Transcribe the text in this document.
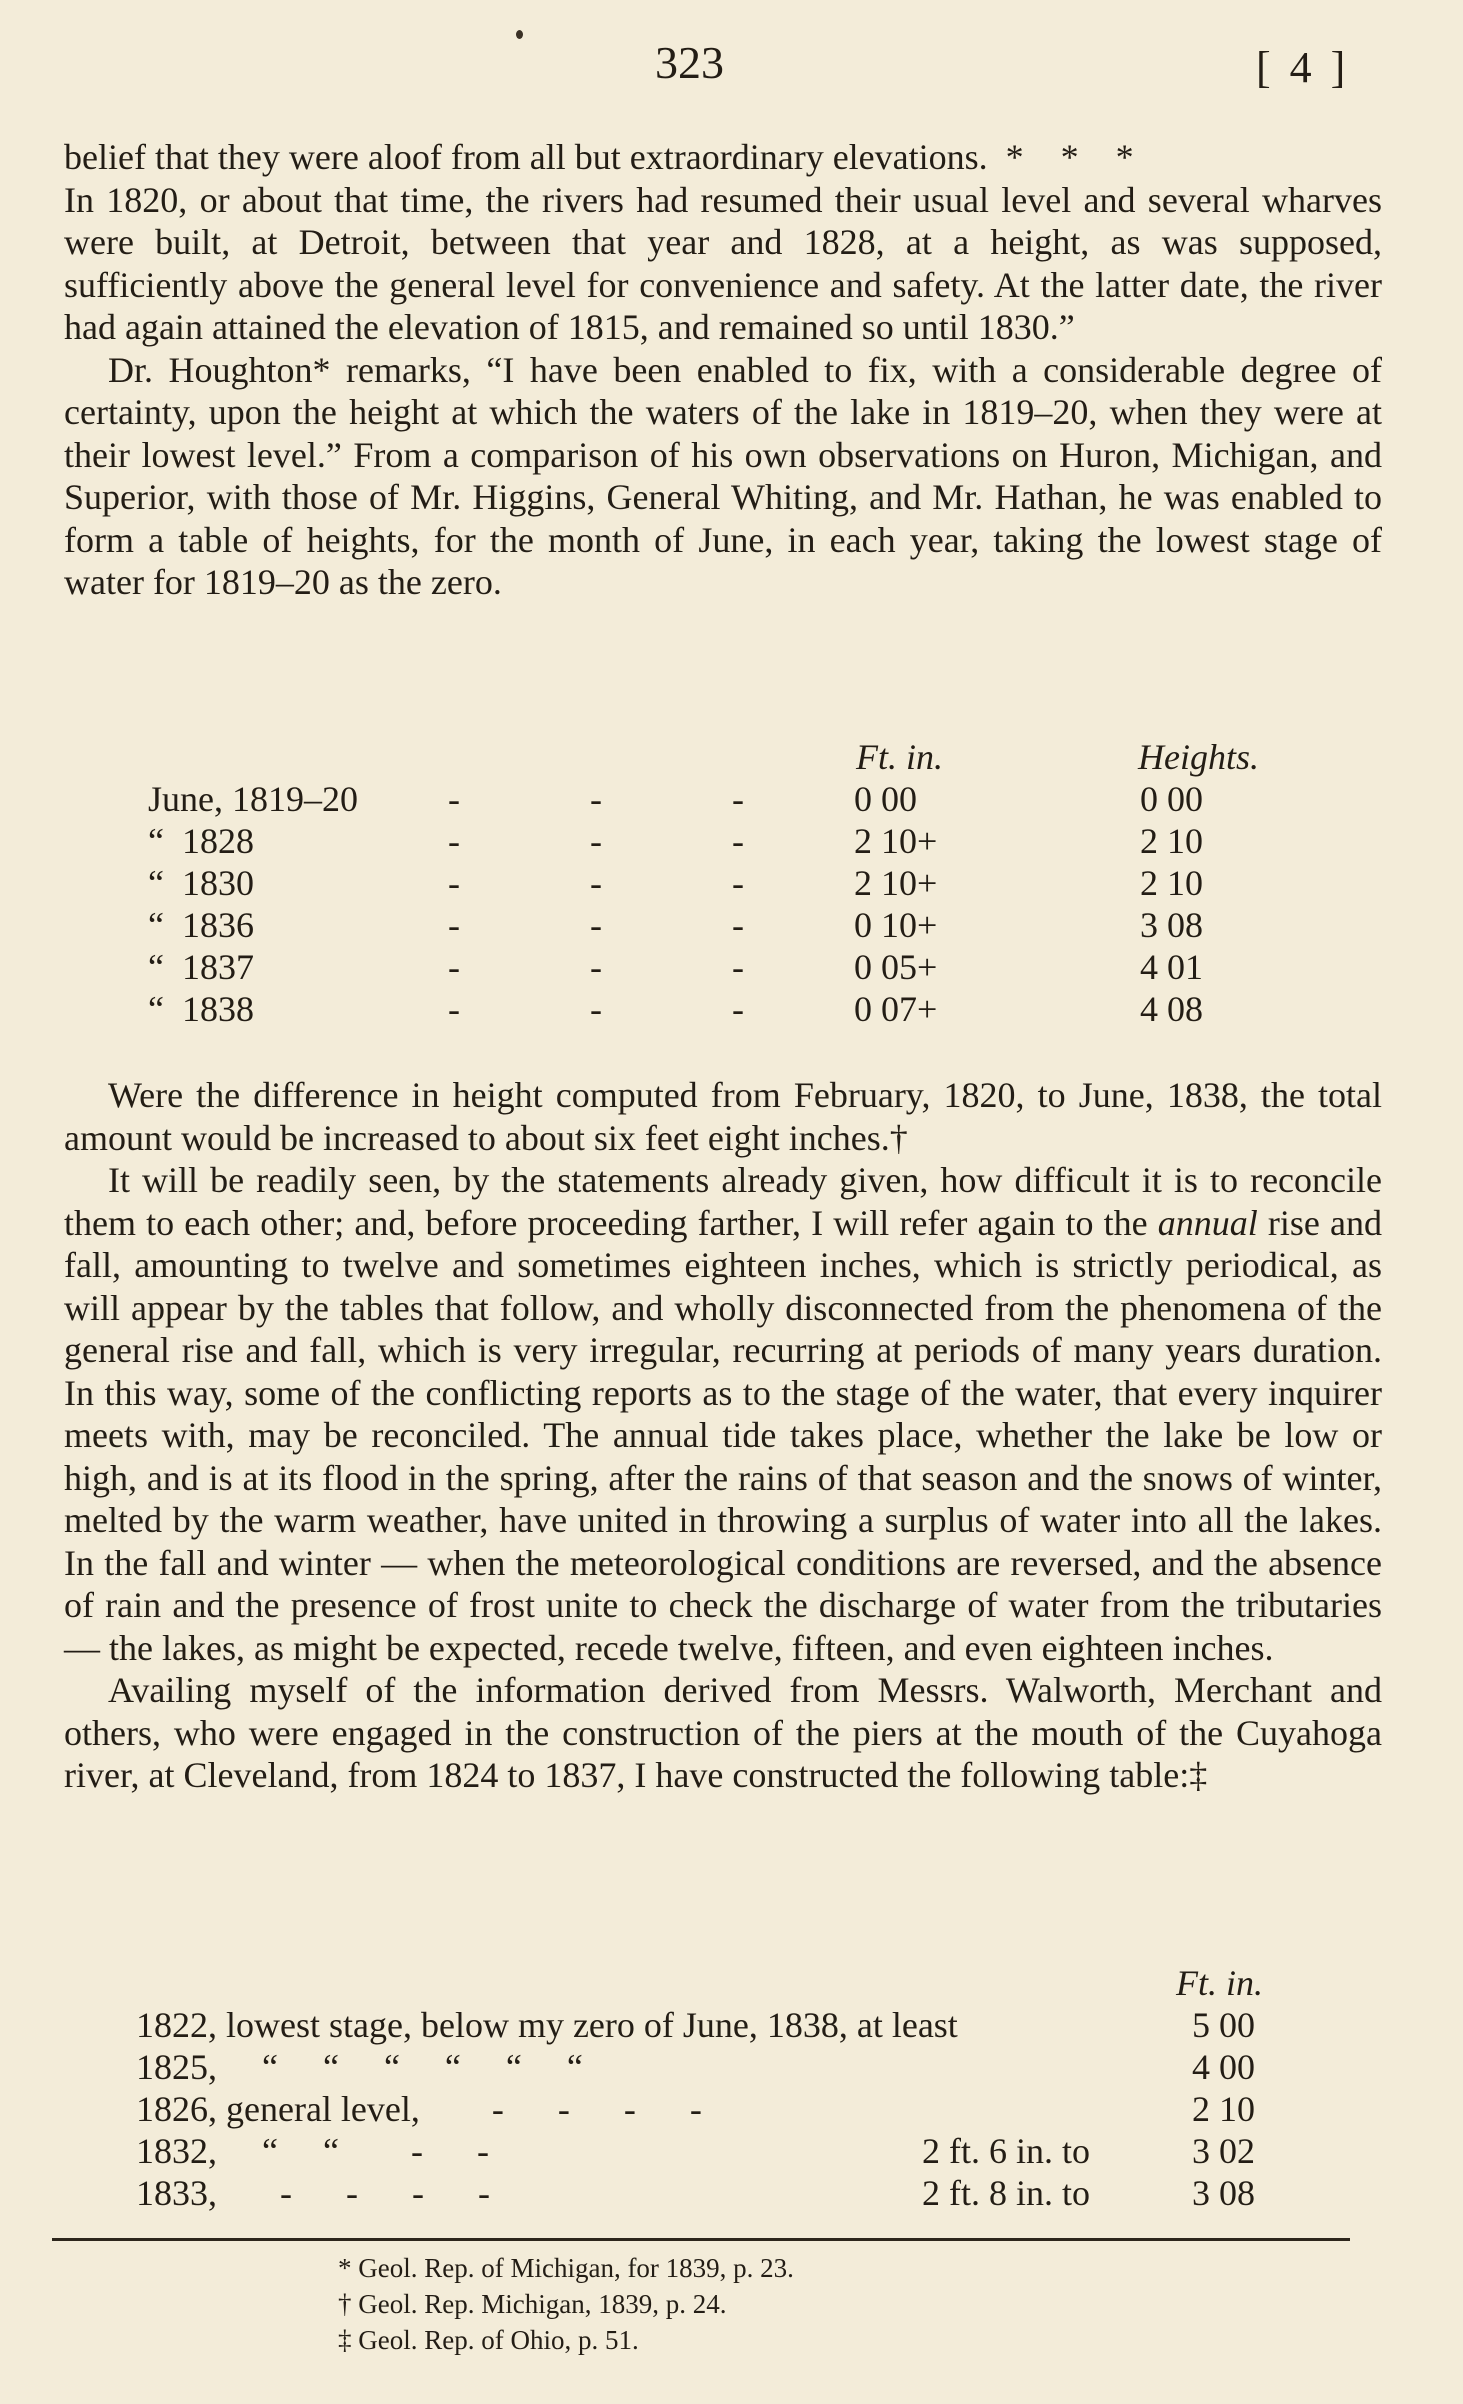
323	[ 4 ]

belief that they were aloof from all but extraordinary elevations. * * *

In 1820, or about that time, the rivers had resumed their usual level and several wharves were built, at Detroit, between that year and 1828, at a height, as was supposed, sufficiently above the general level for convenience and safety. At the latter date, the river had again attained the elevation of 1815, and remained so until 1830.”

Dr. Houghton* remarks, “I have been enabled to fix, with a considerable degree of certainty, upon the height at which the waters of the lake in 1819–20, when they were at their lowest level.” From a comparison of his own observations on Huron, Michigan, and Superior, with those of Mr. Higgins, General Whiting, and Mr. Hathan, he was enabled to form a table of heights, for the month of June, in each year, taking the lowest stage of water for 1819–20 as the zero.

Ft. in.	Heights.
June, 1819–20	-  -  -	0 00	0 00
“  1828	-  -  -	2 10+	2 10
“  1830	-  -  -	2 10+	2 10
“  1836	-  -  -	0 10+	3 08
“  1837	-  -  -	0 05+	4 01
“  1838	-  -  -	0 07+	4 08

Were the difference in height computed from February, 1820, to June, 1838, the total amount would be increased to about six feet eight inches.†

It will be readily seen, by the statements already given, how difficult it is to reconcile them to each other; and, before proceeding farther, I will refer again to the annual rise and fall, amounting to twelve and sometimes eighteen inches, which is strictly periodical, as will appear by the tables that follow, and wholly disconnected from the phenomena of the general rise and fall, which is very irregular, recurring at periods of many years duration. In this way, some of the conflicting reports as to the stage of the water, that every inquirer meets with, may be reconciled. The annual tide takes place, whether the lake be low or high, and is at its flood in the spring, after the rains of that season and the snows of winter, melted by the warm weather, have united in throwing a surplus of water into all the lakes. In the fall and winter — when the meteorological conditions are reversed, and the absence of rain and the presence of frost unite to check the discharge of water from the tributaries — the lakes, as might be expected, recede twelve, fifteen, and even eighteen inches.

Availing myself of the information derived from Messrs. Walworth, Merchant and others, who were engaged in the construction of the piers at the mouth of the Cuyahoga river, at Cleveland, from 1824 to 1837, I have constructed the following table:‡

Ft. in.
1822, lowest stage, below my zero of June, 1838, at least	5 00
1825,     “     “     “     “     “     “	4 00
1826, general level,        -      -      -      -	2 10
1832,     “     “        -      -	2 ft. 6 in. to	3 02
1833,       -      -      -      -	2 ft. 8 in. to	3 08
* Geol. Rep. of Michigan, for 1839, p. 23.
† Geol. Rep. Michigan, 1839, p. 24.
‡ Geol. Rep. of Ohio, p. 51.
